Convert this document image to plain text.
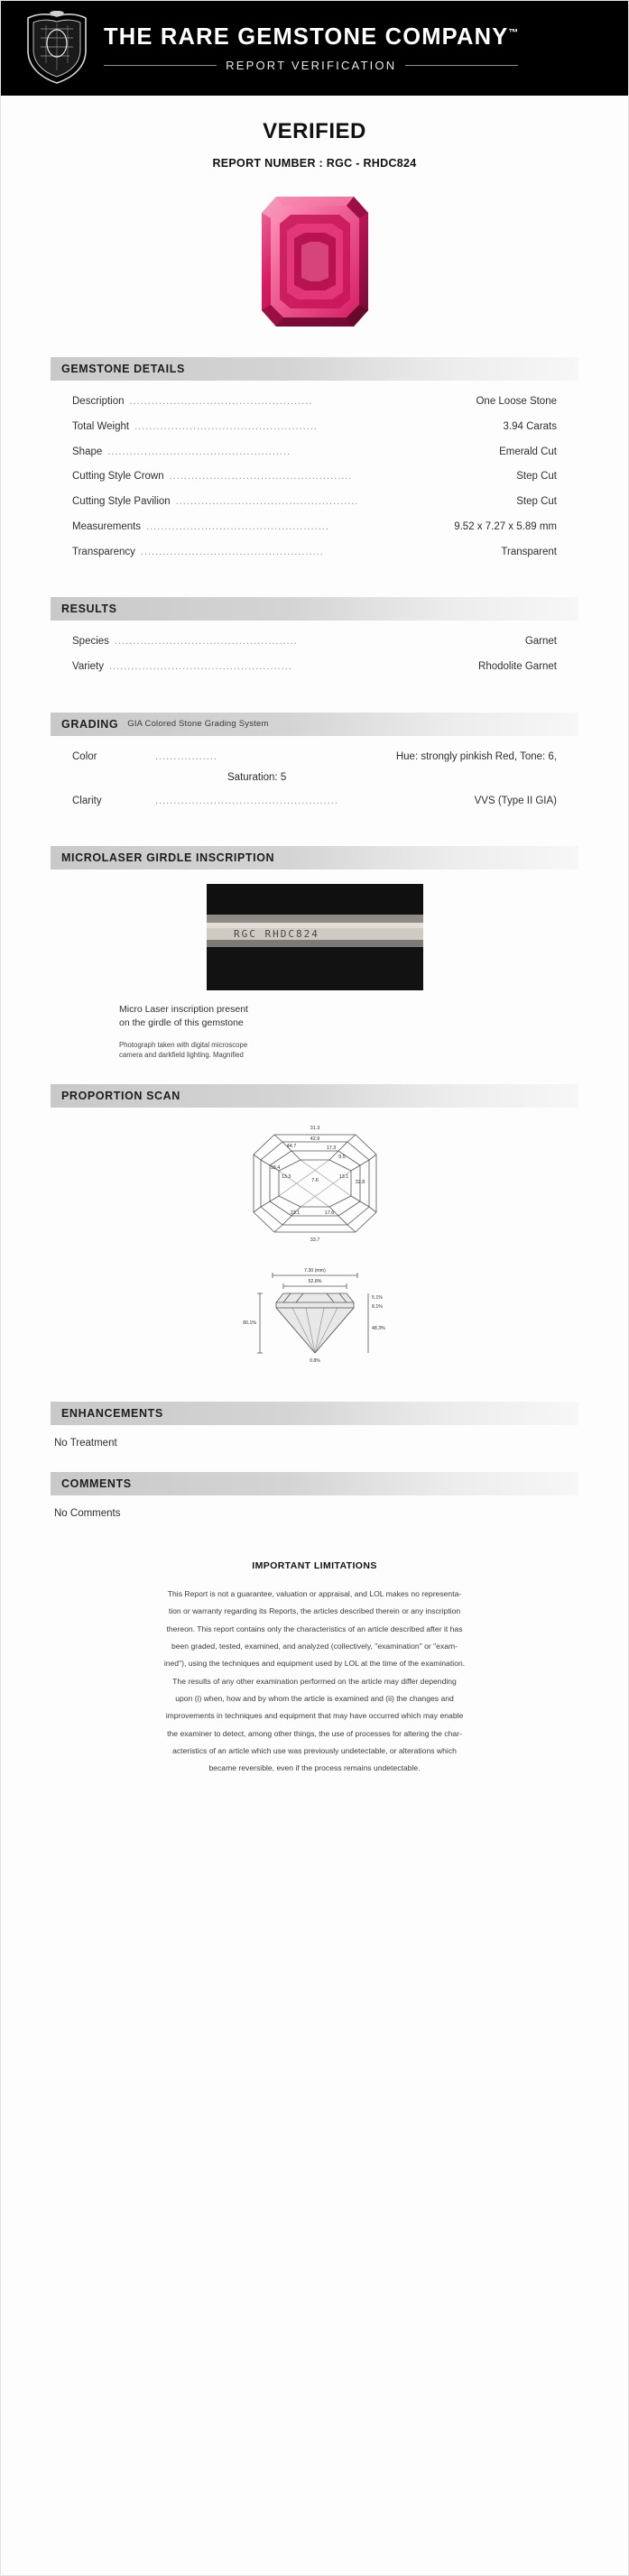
THE RARE GEMSTONE COMPANY™
REPORT VERIFICATION
VERIFIED
REPORT NUMBER : RGC - RHDC824
GEMSTONE DETAILS
Description ..................................................	One Loose Stone
Total Weight ..................................................	3.94 Carats
Shape ..................................................	Emerald Cut
Cutting Style Crown ..................................................	Step Cut
Cutting Style Pavilion ..................................................	Step Cut
Measurements ..................................................	9.52 x 7.27 x 5.89 mm
Transparency ..................................................	Transparent
RESULTS
Species ..................................................	Garnet
Variety ..................................................	Rhodolite Garnet
GRADING GIA Colored Stone Grading System
Color	.................	Hue: strongly pinkish Red, Tone: 6,
Saturation: 5
Clarity	..................................................	VVS (Type II GIA)
MICROLASER GIRDLE INSCRIPTION
RGC RHDC824
Micro Laser inscription present
on the girdle of this gemstone
Photograph taken with digital microscope
camera and darkfield lighting. Magnified
PROPORTION SCAN
31.3
42.9
44.7	17.3
9.5
18.4
13.3
7.6
13.1
32.8
23.1	17.6
33.7
7.30 (mm)
52.8%
0.8%
5.1%
8.1%
48.3%
80.1%
ENHANCEMENTS
No Treatment
COMMENTS
No Comments
IMPORTANT LIMITATIONS

This Report is not a guarantee, valuation or appraisal, and LOL makes no representa-

tion or warranty regarding its Reports, the articles described therein or any inscription

thereon. This report contains only the characteristics of an article described after it has

been graded, tested, examined, and analyzed (collectively, "examination" or "exam-

ined"), using the techniques and equipment used by LOL at the time of the examination.

The results of any other examination performed on the article may differ depending

upon (i) when, how and by whom the article is examined and (ii) the changes and

improvements in techniques and equipment that may have occurred which may enable

the examiner to detect, among other things, the use of processes for altering the char-

acteristics of an article which use was previously undetectable, or alterations which

became reversible, even if the process remains undetectable.
